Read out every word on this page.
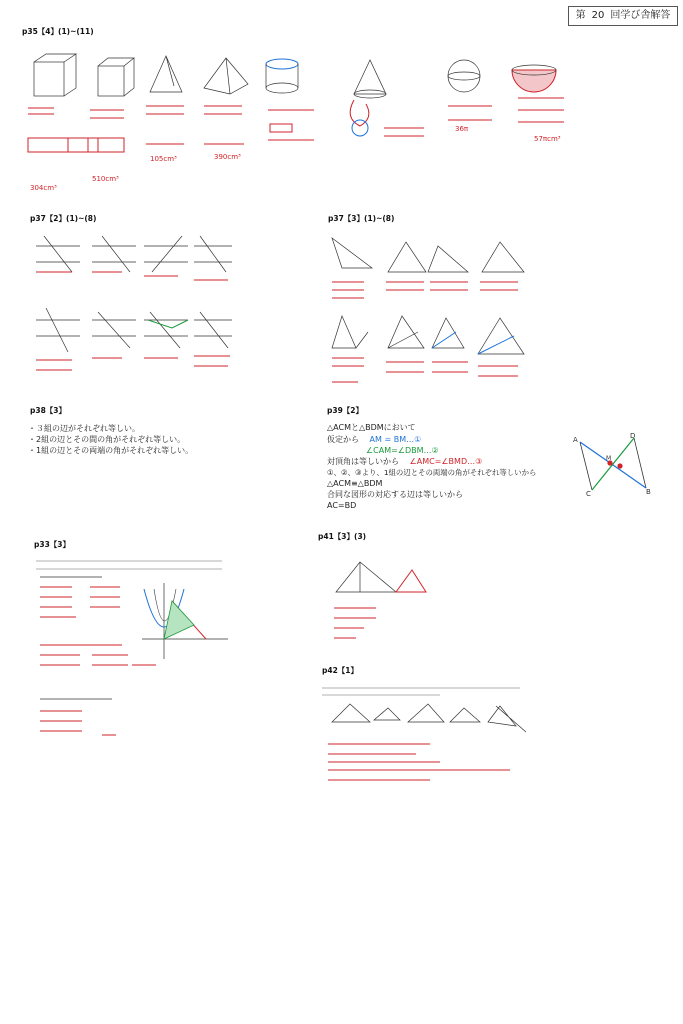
第 20 回学び舎解答
p35【4】(1)~(11)
p37【2】(1)~(8)	p37【3】(1)~(8)
p38【3】	p39【2】
p33【3】
p41【3】(3)
p42【1】
304cm³
510cm³
105cm³	390cm³
36π
57πcm³
・３組の辺がそれぞれ等しい。
・2組の辺とその間の角がそれぞれ等しい。
・1組の辺とその両端の角がそれぞれ等しい。
△ACMと△BDMにおいて
仮定から AM = BM…①
∠CAM=∠DBM…②
対頂角は等しいから ∠AMC=∠BMD…③
①、②、③より、1組の辺とその両端の角がそれぞれ等しいから
△ACM≡△BDM
合同な図形の対応する辺は等しいから
AC=BD
A	D
M
C	B
